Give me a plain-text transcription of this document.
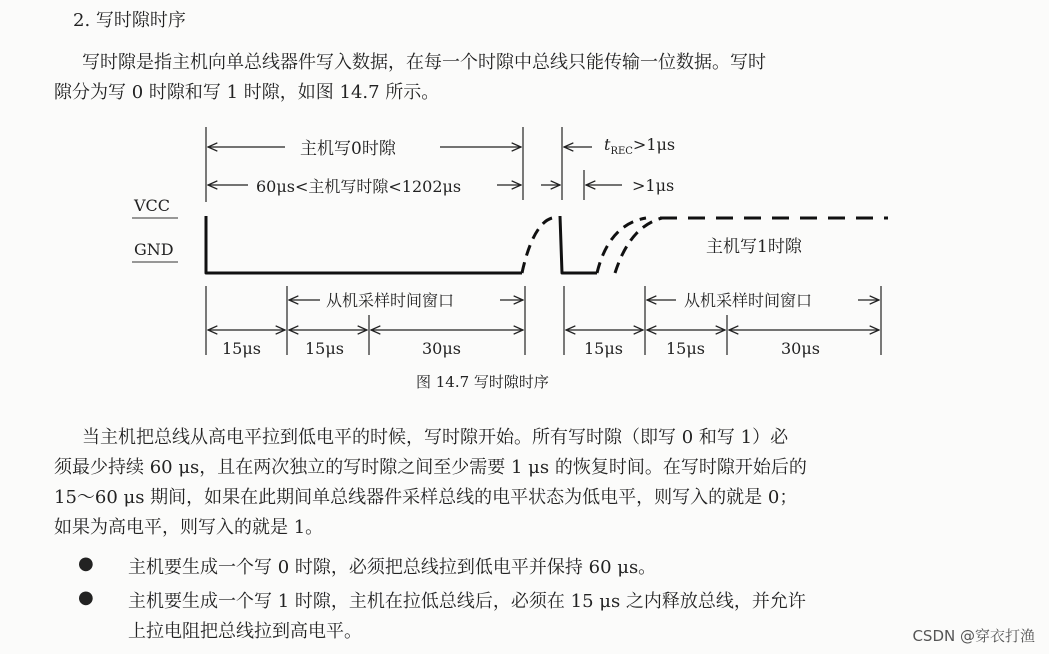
2. 写时隙时序
写时隙是指主机向单总线器件写入数据，在每一个时隙中总线只能传输一位数据。写时
隙分为写 0 时隙和写 1 时隙，如图 14.7 所示。
主机写0时隙
60μs<主机写时隙<1202μs
$t_{REC}>1\mu s$
>1μs
VCC
GND	主机写1时隙
从机采样时间窗口	从机采样时间窗口
15μs	15μs	30μs	15μs	15μs	30μs
图 14.7 写时隙时序
当主机把总线从高电平拉到低电平的时候，写时隙开始。所有写时隙（即写 0 和写 1）必
须最少持续 60 μs，且在两次独立的写时隙之间至少需要 1 μs 的恢复时间。在写时隙开始后的
15～60 μs 期间，如果在此期间单总线器件采样总线的电平状态为低电平，则写入的就是 0；
如果为高电平，则写入的就是 1。
● 主机要生成一个写 0 时隙，必须把总线拉到低电平并保持 60 μs。
● 主机要生成一个写 1 时隙，主机在拉低总线后，必须在 15 μs 之内释放总线，并允许
上拉电阻把总线拉到高电平。	CSDN @穿衣打渔
